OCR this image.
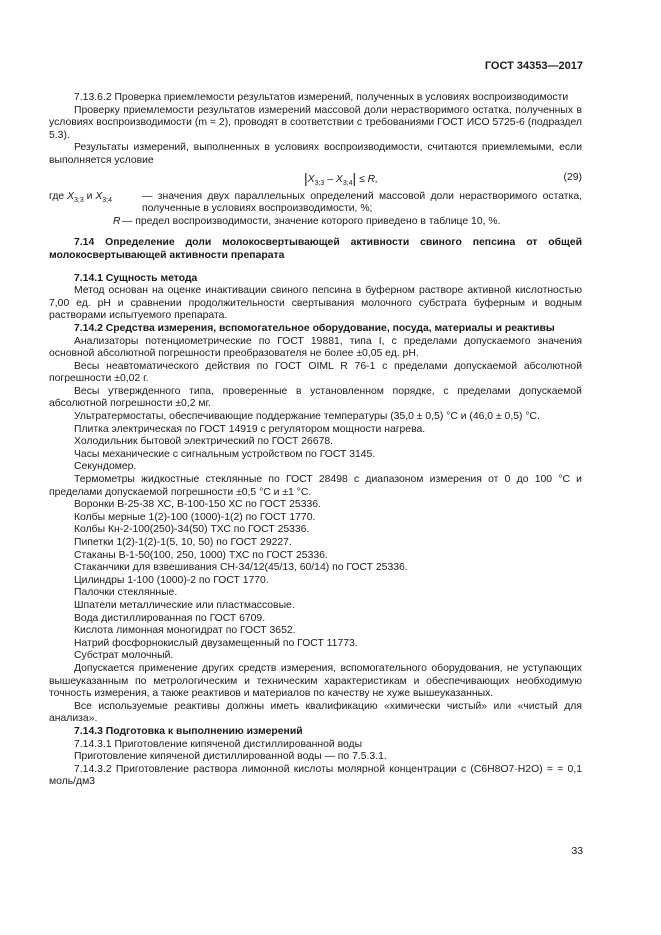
ГОСТ 34353—2017

7.13.6.2 Проверка приемлемости результатов измерений, полученных в условиях воспроизводимости

Проверку приемлемости результатов измерений массовой доли нерастворимого остатка, полученных в условиях воспроизводимости (m = 2), проводят в соответствии с требованиями ГОСТ ИСО 5725-6 (подраздел 5.3).

Результаты измерений, выполненных в условиях воспроизводимости, считаются приемлемыми, если выполняется условие

$|X_{3;3} - X_{3;4}| \le R$,	(29)
где $X_{3;3}$ и $X_{3;4}$	— значения двух параллельных определений массовой доли нерастворимого остатка, полученные в условиях воспроизводимости, %;
R — предел воспроизводимости, значение которого приведено в таблице 10, %.

7.14 Определение доли молокосвертывающей активности свиного пепсина от общей молокосвертывающей активности препарата

7.14.1 Сущность метода

Метод основан на оценке инактивации свиного пепсина в буферном растворе активной кислотностью 7,00 ед. pH и сравнении продолжительности свертывания молочного субстрата буферным и водным растворами испытуемого препарата.

7.14.2 Средства измерения, вспомогательное оборудование, посуда, материалы и реактивы

Анализаторы потенциометрические по ГОСТ 19881, типа I, с пределами допускаемого значения основной абсолютной погрешности преобразователя не более ±0,05 ед. pH.

Весы неавтоматического действия по ГОСТ OIML R 76-1 с пределами допускаемой абсолютной погрешности ±0,02 г.

Весы утвержденного типа, проверенные в установленном порядке, с пределами допускаемой абсолютной погрешности ±0,2 мг.

Ультратермостаты, обеспечивающие поддержание температуры (35,0 ± 0,5) °С и (46,0 ± 0,5) °С.

Плитка электрическая по ГОСТ 14919 с регулятором мощности нагрева.

Холодильник бытовой электрический по ГОСТ 26678.

Часы механические с сигнальным устройством по ГОСТ 3145.

Секундомер.

Термометры жидкостные стеклянные по ГОСТ 28498 с диапазоном измерения от 0 до 100 °С и пределами допускаемой погрешности ±0,5 °С и ±1 °С.

Воронки В-25-38 ХС, В-100-150 ХС по ГОСТ 25336.

Колбы мерные 1(2)-100 (1000)-1(2) по ГОСТ 1770.

Колбы Кн-2-100(250)-34(50) ТХС по ГОСТ 25336.

Пипетки 1(2)-1(2)-1(5, 10, 50) по ГОСТ 29227.

Стаканы В-1-50(100, 250, 1000) ТХС по ГОСТ 25336.

Стаканчики для взвешивания СН-34/12(45/13, 60/14) по ГОСТ 25336.

Цилиндры 1-100 (1000)-2 по ГОСТ 1770.

Палочки стеклянные.

Шпатели металлические или пластмассовые.

Вода дистиллированная по ГОСТ 6709.

Кислота лимонная моногидрат по ГОСТ 3652.

Натрий фосфорнокислый двузамещенный по ГОСТ 11773.

Субстрат молочный.

Допускается применение других средств измерения, вспомогательного оборудования, не уступающих вышеуказанным по метрологическим и техническим характеристикам и обеспечивающих необходимую точность измерения, а также реактивов и материалов по качеству не хуже вышеуказанных.

Все используемые реактивы должны иметь квалификацию «химически чистый» или «чистый для анализа».

7.14.3 Подготовка к выполнению измерений

7.14.3.1 Приготовление кипяченой дистиллированной воды

Приготовление кипяченой дистиллированной воды — по 7.5.3.1.

7.14.3.2 Приготовление раствора лимонной кислоты молярной концентрации c (C6H8O7·H2O) = = 0,1 моль/дм3

33
